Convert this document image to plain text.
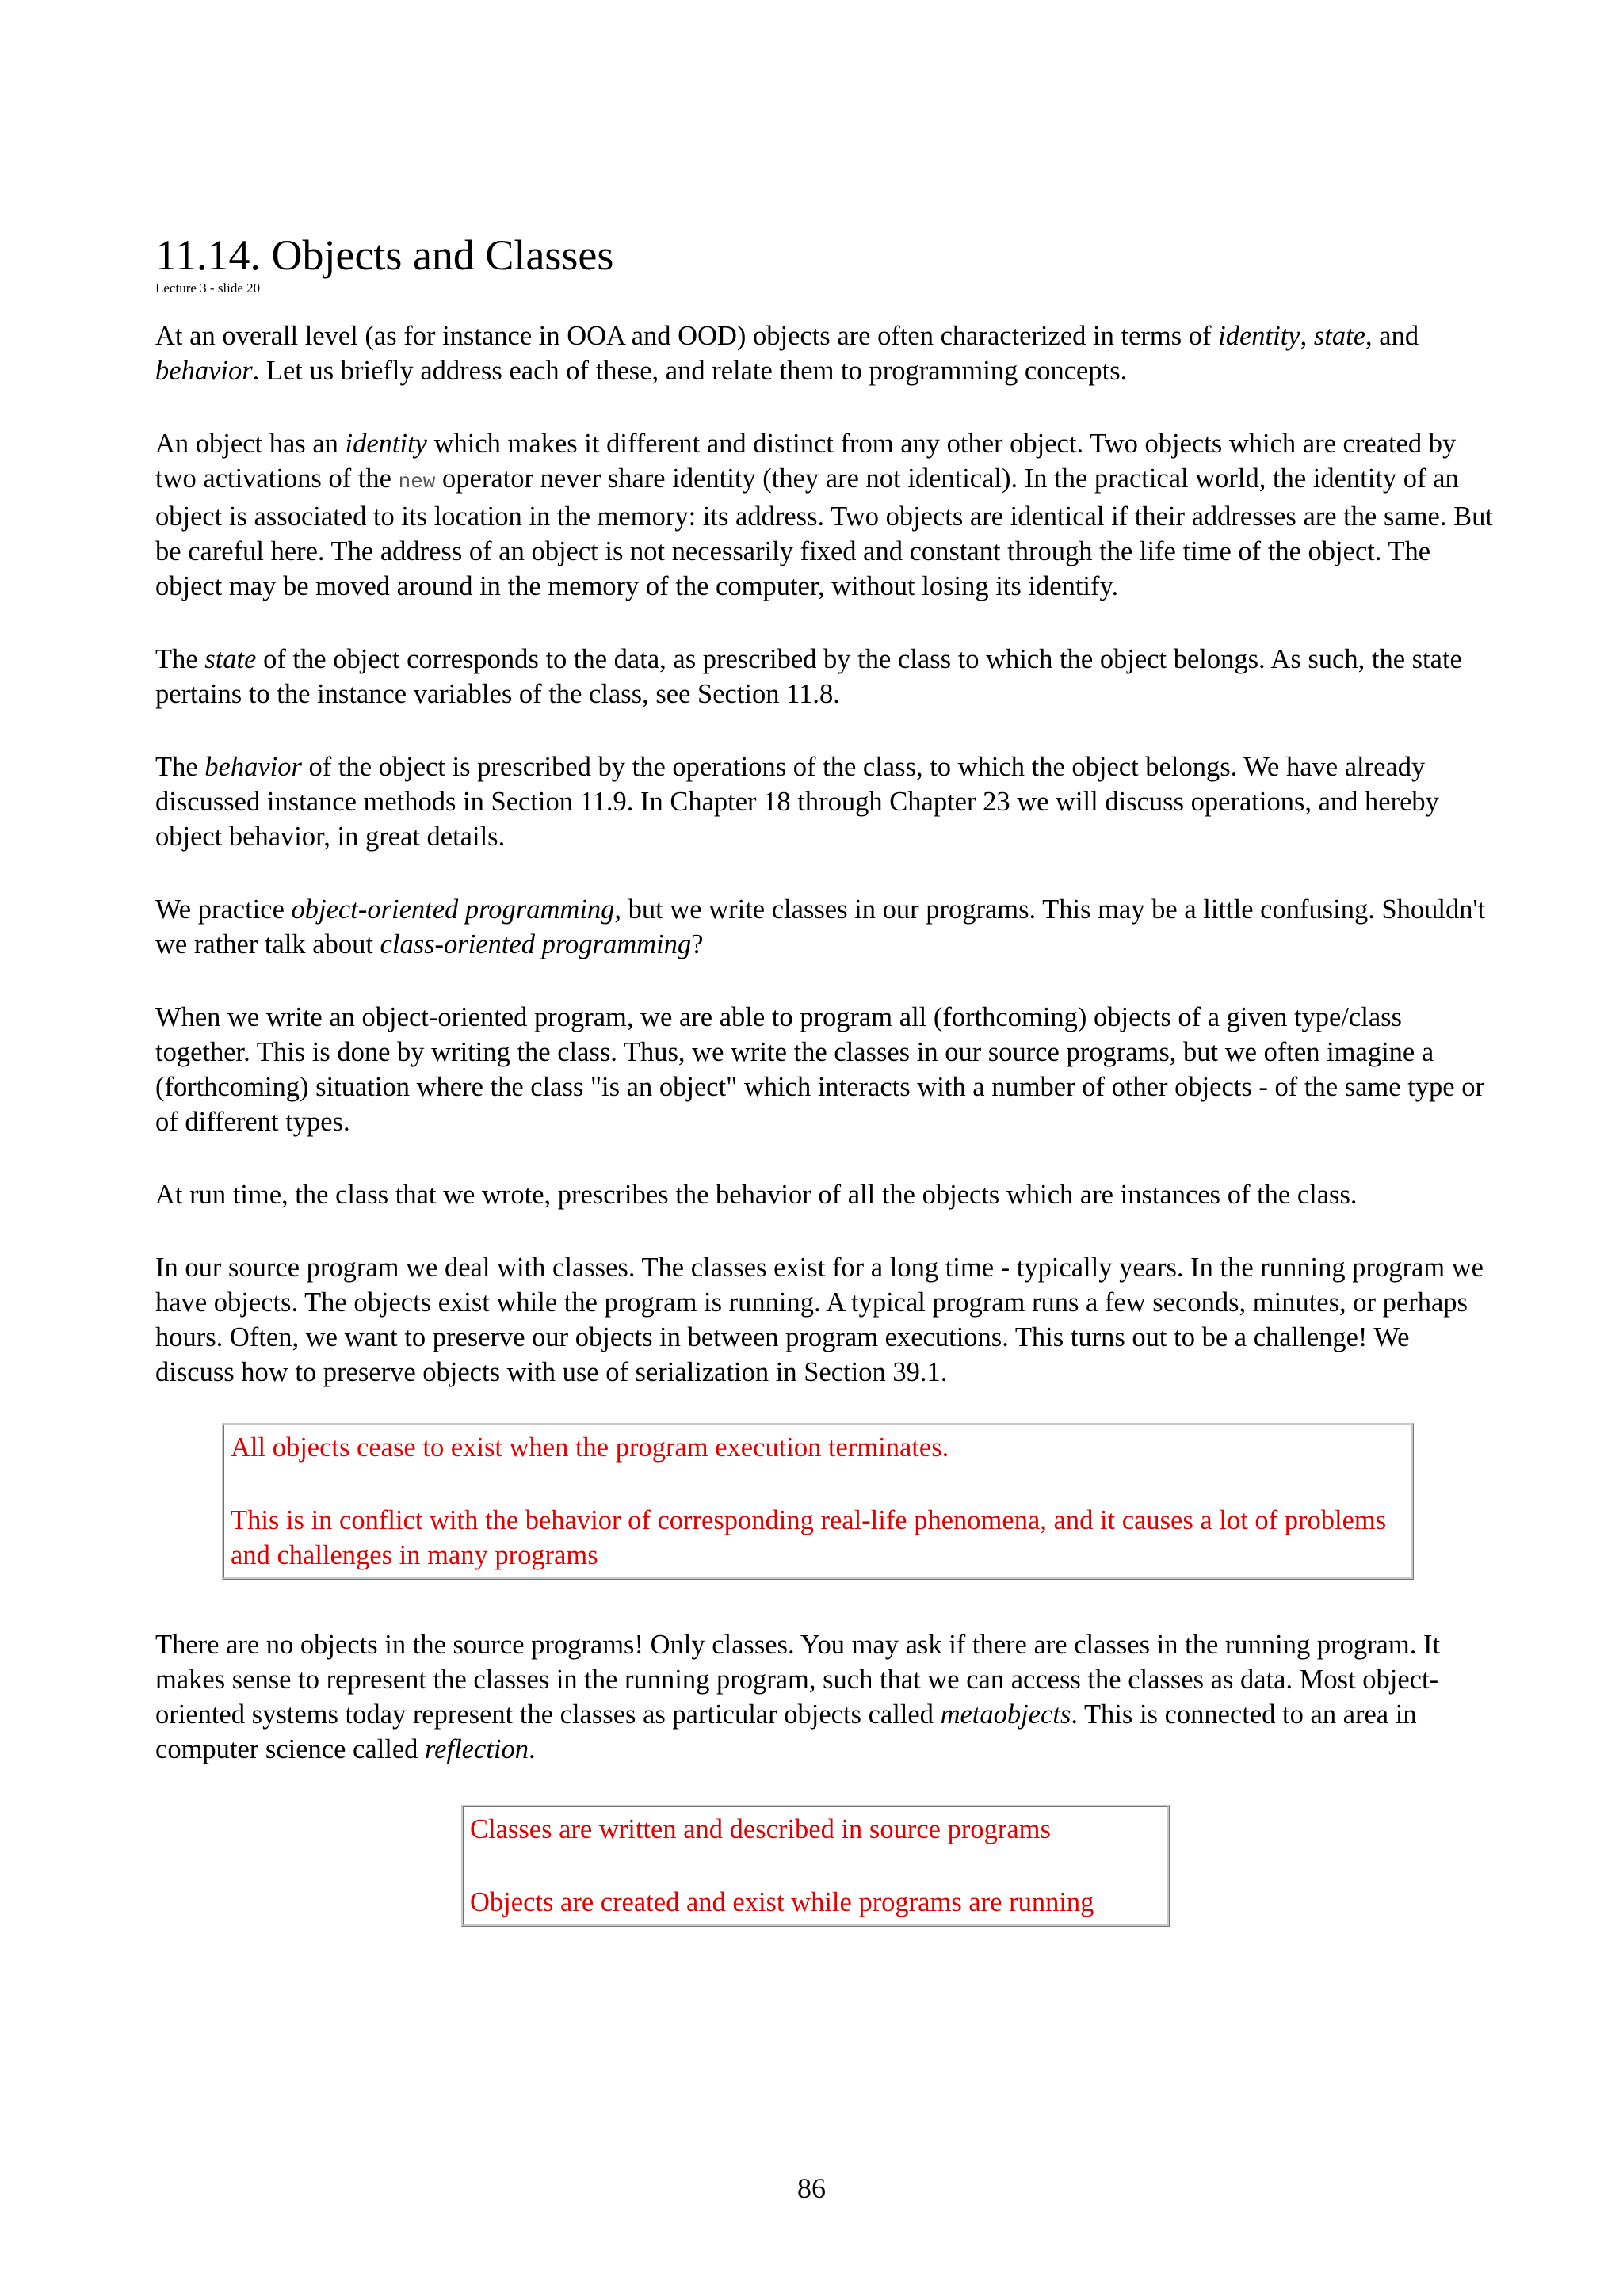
11.14. Objects and Classes
Lecture 3 - slide 20

At an overall level (as for instance in OOA and OOD) objects are often characterized in terms of identity, state, and behavior. Let us briefly address each of these, and relate them to programming concepts.

An object has an identity which makes it different and distinct from any other object. Two objects which are created by two activations of the new operator never share identity (they are not identical). In the practical world, the identity of an object is associated to its location in the memory: its address. Two objects are identical if their addresses are the same. But be careful here. The address of an object is not necessarily fixed and constant through the life time of the object. The object may be moved around in the memory of the computer, without losing its identify.

The state of the object corresponds to the data, as prescribed by the class to which the object belongs. As such, the state pertains to the instance variables of the class, see Section 11.8.

The behavior of the object is prescribed by the operations of the class, to which the object belongs. We have already discussed instance methods in Section 11.9. In Chapter 18 through Chapter 23 we will discuss operations, and hereby object behavior, in great details.

We practice object-oriented programming, but we write classes in our programs. This may be a little confusing. Shouldn't we rather talk about class-oriented programming?

When we write an object-oriented program, we are able to program all (forthcoming) objects of a given type/class together. This is done by writing the class. Thus, we write the classes in our source programs, but we often imagine a (forthcoming) situation where the class "is an object" which interacts with a number of other objects - of the same type or of different types.

At run time, the class that we wrote, prescribes the behavior of all the objects which are instances of the class.

In our source program we deal with classes. The classes exist for a long time - typically years. In the running program we have objects. The objects exist while the program is running. A typical program runs a few seconds, minutes, or perhaps hours. Often, we want to preserve our objects in between program executions. This turns out to be a challenge! We discuss how to preserve objects with use of serialization in Section 39.1.

All objects cease to exist when the program execution terminates.

This is in conflict with the behavior of corresponding real-life phenomena, and it causes a lot of problems and challenges in many programs

There are no objects in the source programs! Only classes. You may ask if there are classes in the running program. It makes sense to represent the classes in the running program, such that we can access the classes as data. Most object-oriented systems today represent the classes as particular objects called metaobjects. This is connected to an area in computer science called reflection.

Classes are written and described in source programs

Objects are created and exist while programs are running

86
